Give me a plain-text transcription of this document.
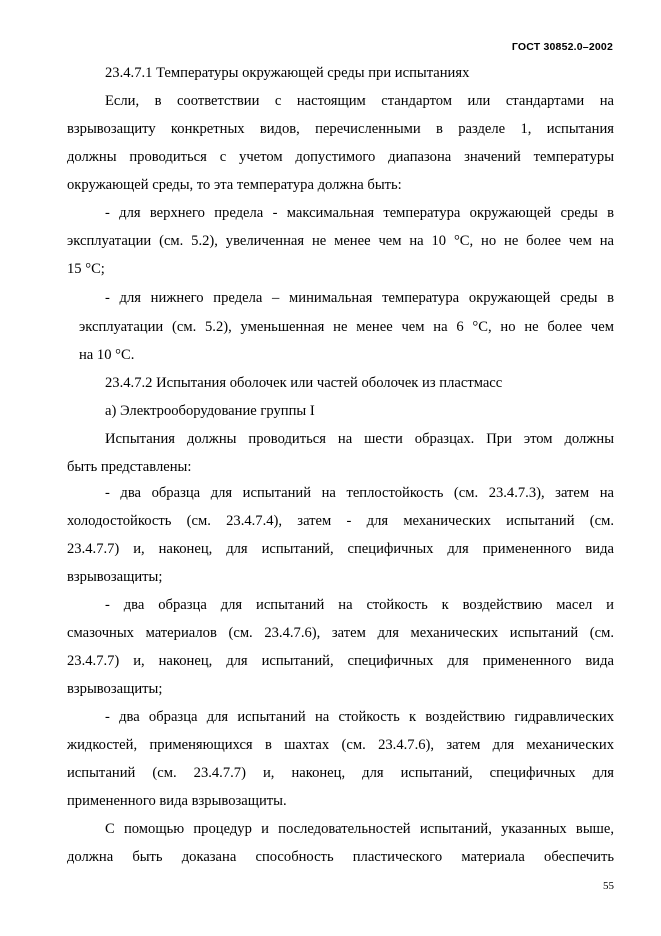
ГОСТ 30852.0–2002
23.4.7.1 Температуры окружающей среды при испытаниях
Если, в соответствии с настоящим стандартом или стандартами на
взрывозащиту конкретных видов, перечисленными в разделе 1, испытания
должны проводиться с учетом допустимого диапазона значений температуры
окружающей среды, то эта температура должна быть:
- для верхнего предела - максимальная температура окружающей среды в
эксплуатации (см. 5.2), увеличенная не менее чем на 10 °С, но не более чем на
15 °С;
- для нижнего предела – минимальная температура окружающей среды в
эксплуатации (см. 5.2), уменьшенная не менее чем на 6 °С, но не более чем
на 10 °С.
23.4.7.2 Испытания оболочек или частей оболочек из пластмасс
а) Электрооборудование группы I
Испытания должны проводиться на шести образцах. При этом должны
быть представлены:
- два образца для испытаний на теплостойкость (см. 23.4.7.3), затем на
холодостойкость (см. 23.4.7.4), затем - для механических испытаний (см.
23.4.7.7) и, наконец, для испытаний, специфичных для примененного вида
взрывозащиты;
- два образца для испытаний на стойкость к воздействию масел и
смазочных материалов (см. 23.4.7.6), затем для механических испытаний (см.
23.4.7.7) и, наконец, для испытаний, специфичных для примененного вида
взрывозащиты;
- два образца для испытаний на стойкость к воздействию гидравлических
жидкостей, применяющихся в шахтах (см. 23.4.7.6), затем для механических
испытаний (см. 23.4.7.7) и, наконец, для испытаний, специфичных для
примененного вида взрывозащиты.
С помощью процедур и последовательностей испытаний, указанных выше,
должна быть доказана способность пластического материала обеспечить
55
